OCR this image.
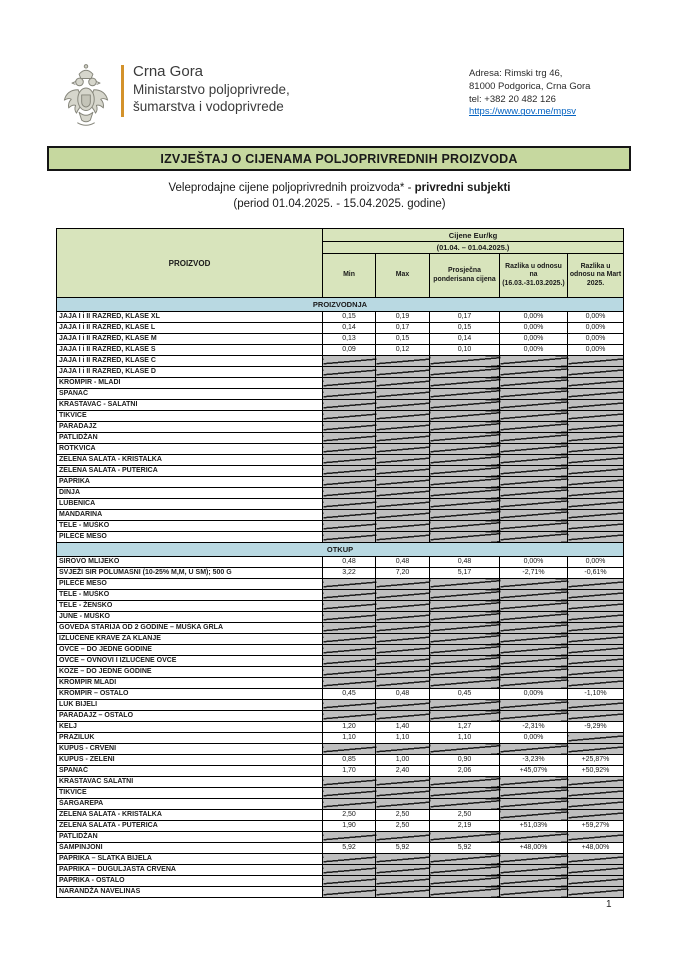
Crna Gora
Ministarstvo poljoprivrede,
šumarstva i vodoprivrede
Adresa: Rimski trg 46,
81000 Podgorica, Crna Gora
tel: +382 20 482 126
https://www.gov.me/mpsv
IZVJEŠTAJ O CIJENAMA POLJOPRIVREDNIH PROIZVODA
Veleprodajne cijene poljoprivrednih proizvoda* - privredni subjekti
(period 01.04.2025. - 15.04.2025. godine)
PROIZVOD	Cijene Eur/kg				
	(01.04. – 01.04.2025.)				
	Min	Max	Prosječna ponderisana cijena	Razlika u odnosu na (16.03.-31.03.2025.)	Razlika u odnosu na Mart 2025.
PROIZVODNJA					
JAJA I i II RAZRED, KLASE XL	0,15	0,19	0,17	0,00%	0,00%
JAJA I i II RAZRED, KLASE L	0,14	0,17	0,15	0,00%	0,00%
JAJA I i II RAZRED, KLASE M	0,13	0,15	0,14	0,00%	0,00%
JAJA I i II RAZRED, KLASE S	0,09	0,12	0,10	0,00%	0,00%
JAJA I i II RAZRED, KLASE C					
JAJA I i II RAZRED, KLASE D					
KROMPIR - MLADI					
SPANAĆ					
KRASTAVAC - SALATNI					
TIKVICE					
PARADAJZ					
PATLIDŽAN					
ROTKVICA					
ZELENA SALATA - KRISTALKA					
ZELENA SALATA - PUTERICA					
PAPRIKA					
DINJA					
LUBENICA					
MANDARINA					
TELE - MUŠKO					
PILEĆE MESO					
OTKUP					
SIROVO MLIJEKO	0,48	0,48	0,48	0,00%	0,00%
SVJEŽI SIR POLUMASNI (10-25% M,M, U SM); 500 G	3,22	7,20	5,17	-2,71%	-0,61%
PILEĆE MESO					
TELE - MUŠKO					
TELE - ŽENSKO					
JUNE - MUŠKO					
GOVEDA STARIJA OD 2 GODINE – MUŠKA GRLA					
IZLUČENE KRAVE ZA KLANJE					
OVCE – DO JEDNE GODINE					
OVCE – OVNOVI I IZLUČENE OVCE					
KOZE – DO JEDNE GODINE					
KROMPIR MLADI					
KROMPIR – OSTALO	0,45	0,48	0,45	0,00%	-1,10%
LUK BIJELI					
PARADAJZ – OSTALO					
KELJ	1,20	1,40	1,27	-2,31%	-9,29%
PRAZILUK	1,10	1,10	1,10	0,00%	
KUPUS - CRVENI					
KUPUS - ZELENI	0,85	1,00	0,90	-3,23%	+25,87%
SPANAĆ	1,70	2,40	2,06	+45,07%	+50,92%
KRASTAVAC SALATNI					
TIKVICE					
ŠARGAREPA					
ZELENA SALATA - KRISTALKA	2,50	2,50	2,50		
ZELENA SALATA - PUTERICA	1,90	2,50	2,19	+51,03%	+59,27%
PATLIDŽAN					
ŠAMPINJONI	5,92	5,92	5,92	+48,00%	+48,00%
PAPRIKA – SLATKA BIJELA					
PAPRIKA – DUGULJASTA CRVENA					
PAPRIKA - OSTALO					
NARANDŽA NAVELINAS					
1
